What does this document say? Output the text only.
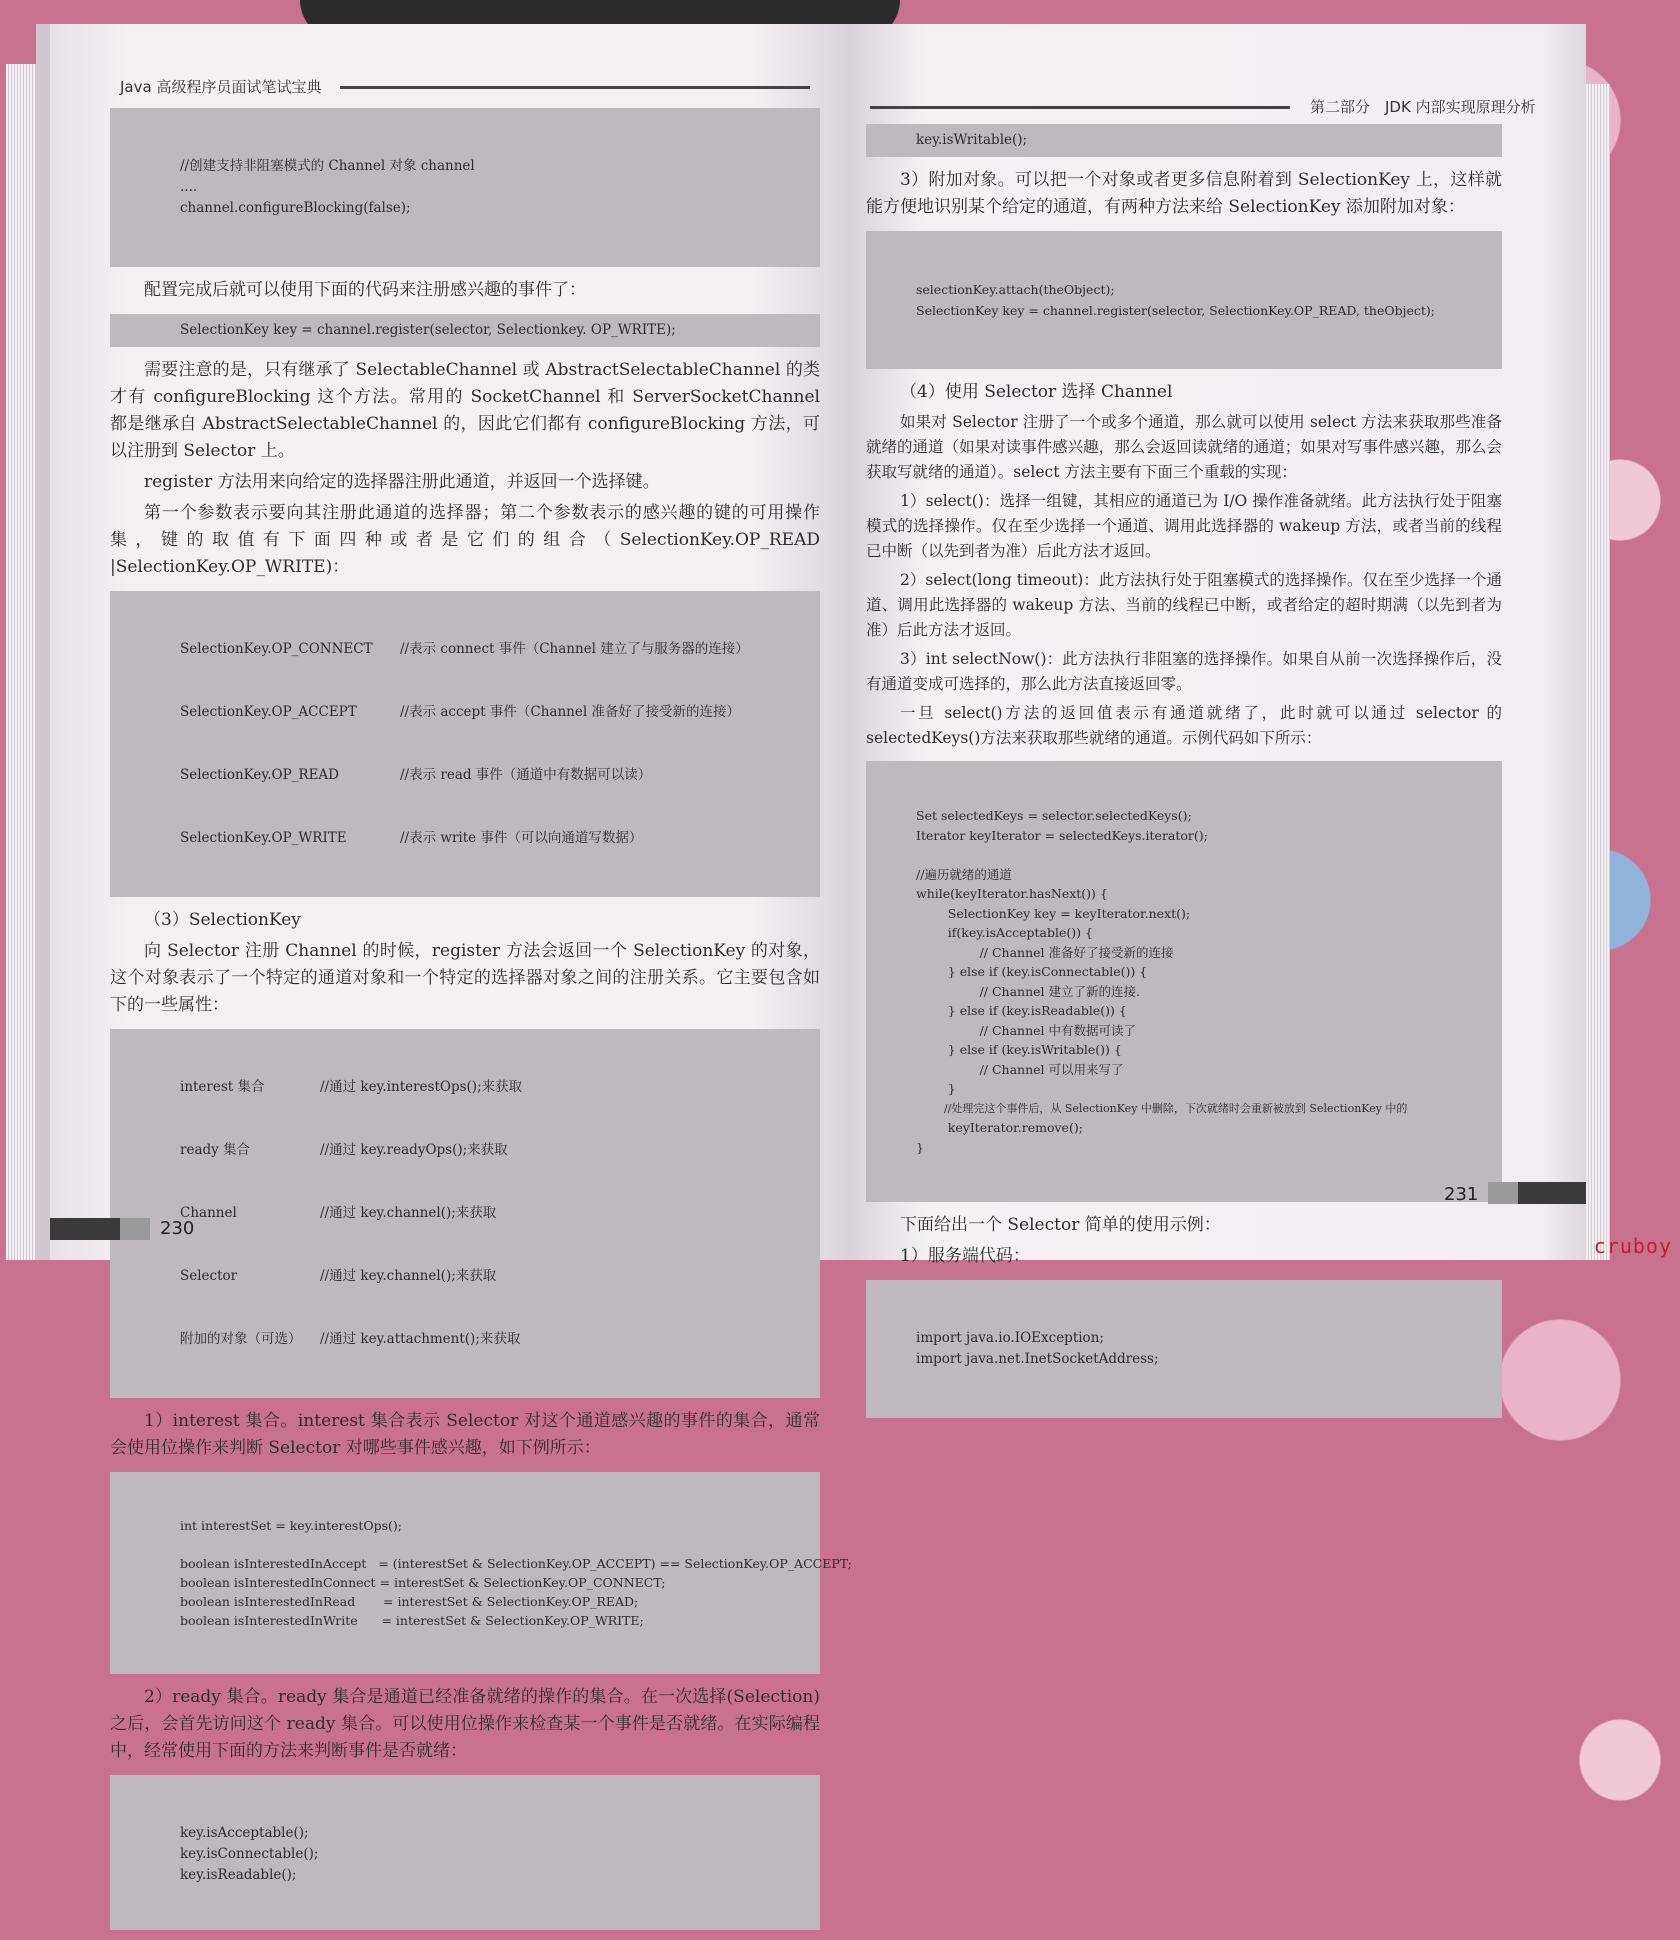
Java 高级程序员面试笔试宝典

//创建支持非阻塞模式的 Channel 对象 channel
....
channel.configureBlocking(false);

配置完成后就可以使用下面的代码来注册感兴趣的事件了：

SelectionKey key = channel.register(selector, Selectionkey. OP_WRITE);

需要注意的是，只有继承了 SelectableChannel 或 AbstractSelectableChannel 的类才有 configureBlocking 这个方法。常用的 SocketChannel 和 ServerSocketChannel 都是继承自 AbstractSelectableChannel 的，因此它们都有 configureBlocking 方法，可以注册到 Selector 上。

register 方法用来向给定的选择器注册此通道，并返回一个选择键。

第一个参数表示要向其注册此通道的选择器；第二个参数表示的感兴趣的键的可用操作集，键的取值有下面四种或者是它们的组合（SelectionKey.OP_READ |SelectionKey.OP_WRITE)：

SelectionKey.OP_CONNECT	//表示 connect 事件（Channel 建立了与服务器的连接）

SelectionKey.OP_ACCEPT	//表示 accept 事件（Channel 准备好了接受新的连接）

SelectionKey.OP_READ	//表示 read 事件（通道中有数据可以读）

SelectionKey.OP_WRITE	//表示 write 事件（可以向通道写数据）

（3）SelectionKey

向 Selector 注册 Channel 的时候，register 方法会返回一个 SelectionKey 的对象，这个对象表示了一个特定的通道对象和一个特定的选择器对象之间的注册关系。它主要包含如下的一些属性：

interest 集合	//通过 key.interestOps();来获取

ready 集合	//通过 key.readyOps();来获取

Channel	//通过 key.channel();来获取

Selector	//通过 key.channel();来获取

附加的对象（可选）	//通过 key.attachment();来获取

1）interest 集合。interest 集合表示 Selector 对这个通道感兴趣的事件的集合，通常会使用位操作来判断 Selector 对哪些事件感兴趣，如下例所示：

int interestSet = key.interestOps();

boolean isInterestedInAccept   = (interestSet & SelectionKey.OP_ACCEPT) == SelectionKey.OP_ACCEPT;
boolean isInterestedInConnect = interestSet & SelectionKey.OP_CONNECT;
boolean isInterestedInRead       = interestSet & SelectionKey.OP_READ;
boolean isInterestedInWrite      = interestSet & SelectionKey.OP_WRITE;

2）ready 集合。ready 集合是通道已经准备就绪的操作的集合。在一次选择(Selection)之后，会首先访问这个 ready 集合。可以使用位操作来检查某一个事件是否就绪。在实际编程中，经常使用下面的方法来判断事件是否就绪：

key.isAcceptable();
key.isConnectable();
key.isReadable();

230
第二部分　JDK 内部实现原理分析
key.isWritable();

3）附加对象。可以把一个对象或者更多信息附着到 SelectionKey 上，这样就能方便地识别某个给定的通道，有两种方法来给 SelectionKey 添加附加对象：

selectionKey.attach(theObject);
SelectionKey key = channel.register(selector, SelectionKey.OP_READ, theObject);

（4）使用 Selector 选择 Channel

如果对 Selector 注册了一个或多个通道，那么就可以使用 select 方法来获取那些准备就绪的通道（如果对读事件感兴趣，那么会返回读就绪的通道；如果对写事件感兴趣，那么会获取写就绪的通道）。select 方法主要有下面三个重载的实现：

1）select()：选择一组键，其相应的通道已为 I/O 操作准备就绪。此方法执行处于阻塞模式的选择操作。仅在至少选择一个通道、调用此选择器的 wakeup 方法，或者当前的线程已中断（以先到者为准）后此方法才返回。

2）select(long timeout)：此方法执行处于阻塞模式的选择操作。仅在至少选择一个通道、调用此选择器的 wakeup 方法、当前的线程已中断，或者给定的超时期满（以先到者为准）后此方法才返回。

3）int selectNow()：此方法执行非阻塞的选择操作。如果自从前一次选择操作后，没有通道变成可选择的，那么此方法直接返回零。

一旦 select()方法的返回值表示有通道就绪了，此时就可以通过 selector 的 selectedKeys()方法来获取那些就绪的通道。示例代码如下所示：

Set selectedKeys = selector.selectedKeys();
Iterator keyIterator = selectedKeys.iterator();

//遍历就绪的通道
while(keyIterator.hasNext()) {
SelectionKey key = keyIterator.next();
if(key.isAcceptable()) {
// Channel 准备好了接受新的连接
} else if (key.isConnectable()) {
// Channel 建立了新的连接.
} else if (key.isReadable()) {
// Channel 中有数据可读了
} else if (key.isWritable()) {
// Channel 可以用来写了
}
//处理完这个事件后，从 SelectionKey 中删除，下次就绪时会重新被放到 SelectionKey 中的
keyIterator.remove();
}

下面给出一个 Selector 简单的使用示例：

1）服务端代码：

import java.io.IOException;
import java.net.InetSocketAddress;

231
cruboy
